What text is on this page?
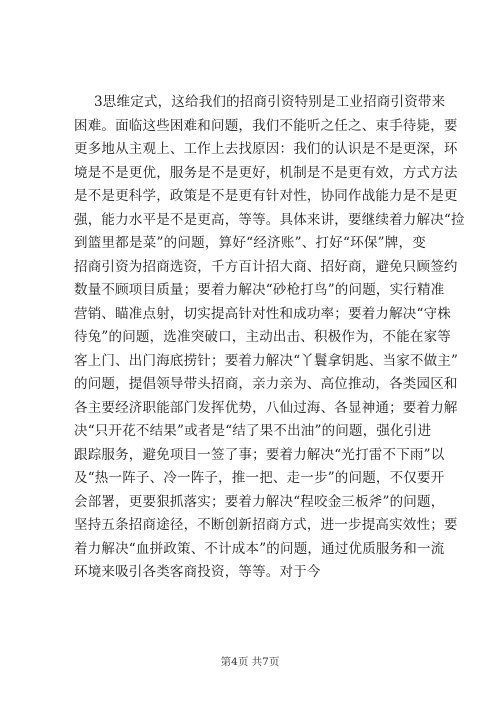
3思维定式，这给我们的招商引资特别是工业招商引资带来
困难。面临这些困难和问题，我们不能听之任之、束手待毙，要
更多地从主观上、工作上去找原因：我们的认识是不是更深，环
境是不是更优，服务是不是更好，机制是不是更有效，方式方法
是不是更科学，政策是不是更有针对性，协同作战能力是不是更
强，能力水平是不是更高，等等。具体来讲，要继续着力解决“捡
到篮里都是菜”的问题，算好“经济账”、打好“环保”牌，变
招商引资为招商选资，千方百计招大商、招好商，避免只顾签约
数量不顾项目质量；要着力解决“砂枪打鸟”的问题，实行精准
营销、瞄准点射，切实提高针对性和成功率；要着力解决“守株
待兔”的问题，选准突破口，主动出击、积极作为，不能在家等
客上门、出门海底捞针；要着力解决“丫鬟拿钥匙、当家不做主”
的问题，提倡领导带头招商，亲力亲为、高位推动，各类园区和
各主要经济职能部门发挥优势，八仙过海、各显神通；要着力解
决“只开花不结果”或者是“结了果不出油”的问题，强化引进
跟踪服务，避免项目一签了事；要着力解决“光打雷不下雨”以
及“热一阵子、冷一阵子，推一把、走一步”的问题，不仅要开
会部署，更要狠抓落实；要着力解决“程咬金三板斧”的问题，
坚持五条招商途径，不断创新招商方式，进一步提高实效性；要
着力解决“血拼政策、不计成本”的问题，通过优质服务和一流
环境来吸引各类客商投资，等等。对于今
第4页 共7页
